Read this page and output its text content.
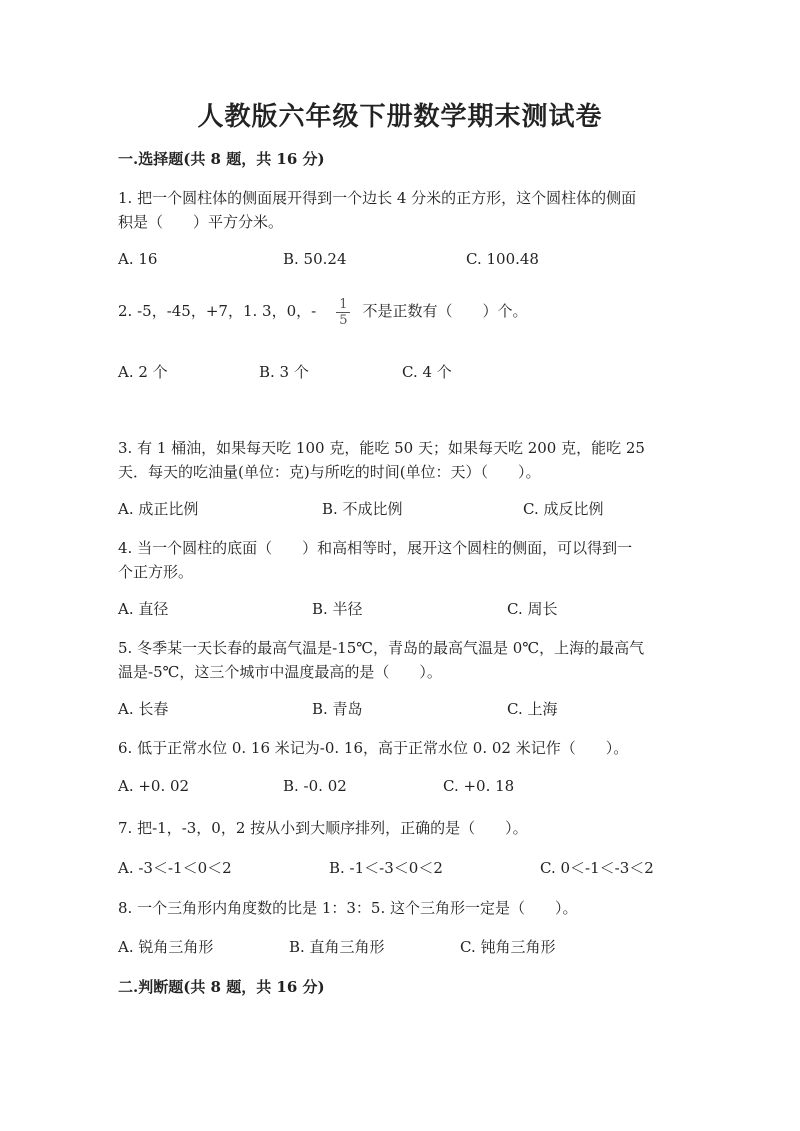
人教版六年级下册数学期末测试卷
一.选择题(共 8 题，共 16 分)
1. 把一个圆柱体的侧面展开得到一个边长 4 分米的正方形，这个圆柱体的侧面
积是（　　）平方分米。
A. 16	B. 50.24	C. 100.48
2. -5，-45，+7，1. 3，0，- $\frac{1}{5}$ 不是正数有（　　）个。
A. 2 个	B. 3 个	C. 4 个
3. 有 1 桶油，如果每天吃 100 克，能吃 50 天；如果每天吃 200 克，能吃 25
天．每天的吃油量(单位：克)与所吃的时间(单位：天）（　　）。
A. 成正比例	B. 不成比例	C. 成反比例
4. 当一个圆柱的底面（　　）和高相等时，展开这个圆柱的侧面，可以得到一
个正方形。
A. 直径	B. 半径	C. 周长
5. 冬季某一天长春的最高气温是-15℃，青岛的最高气温是 0℃，上海的最高气
温是-5℃，这三个城市中温度最高的是（　　）。
A. 长春	B. 青岛	C. 上海
6. 低于正常水位 0. 16 米记为-0. 16，高于正常水位 0. 02 米记作（　　）。
A. +0. 02	B. -0. 02	C. +0. 18
7. 把-1，-3，0，2 按从小到大顺序排列，正确的是（　　）。
A. -3＜-1＜0＜2	B. -1＜-3＜0＜2	C. 0＜-1＜-3＜2
8. 一个三角形内角度数的比是 1：3：5. 这个三角形一定是（　　）。
A. 锐角三角形	B. 直角三角形	C. 钝角三角形
二.判断题(共 8 题，共 16 分)
